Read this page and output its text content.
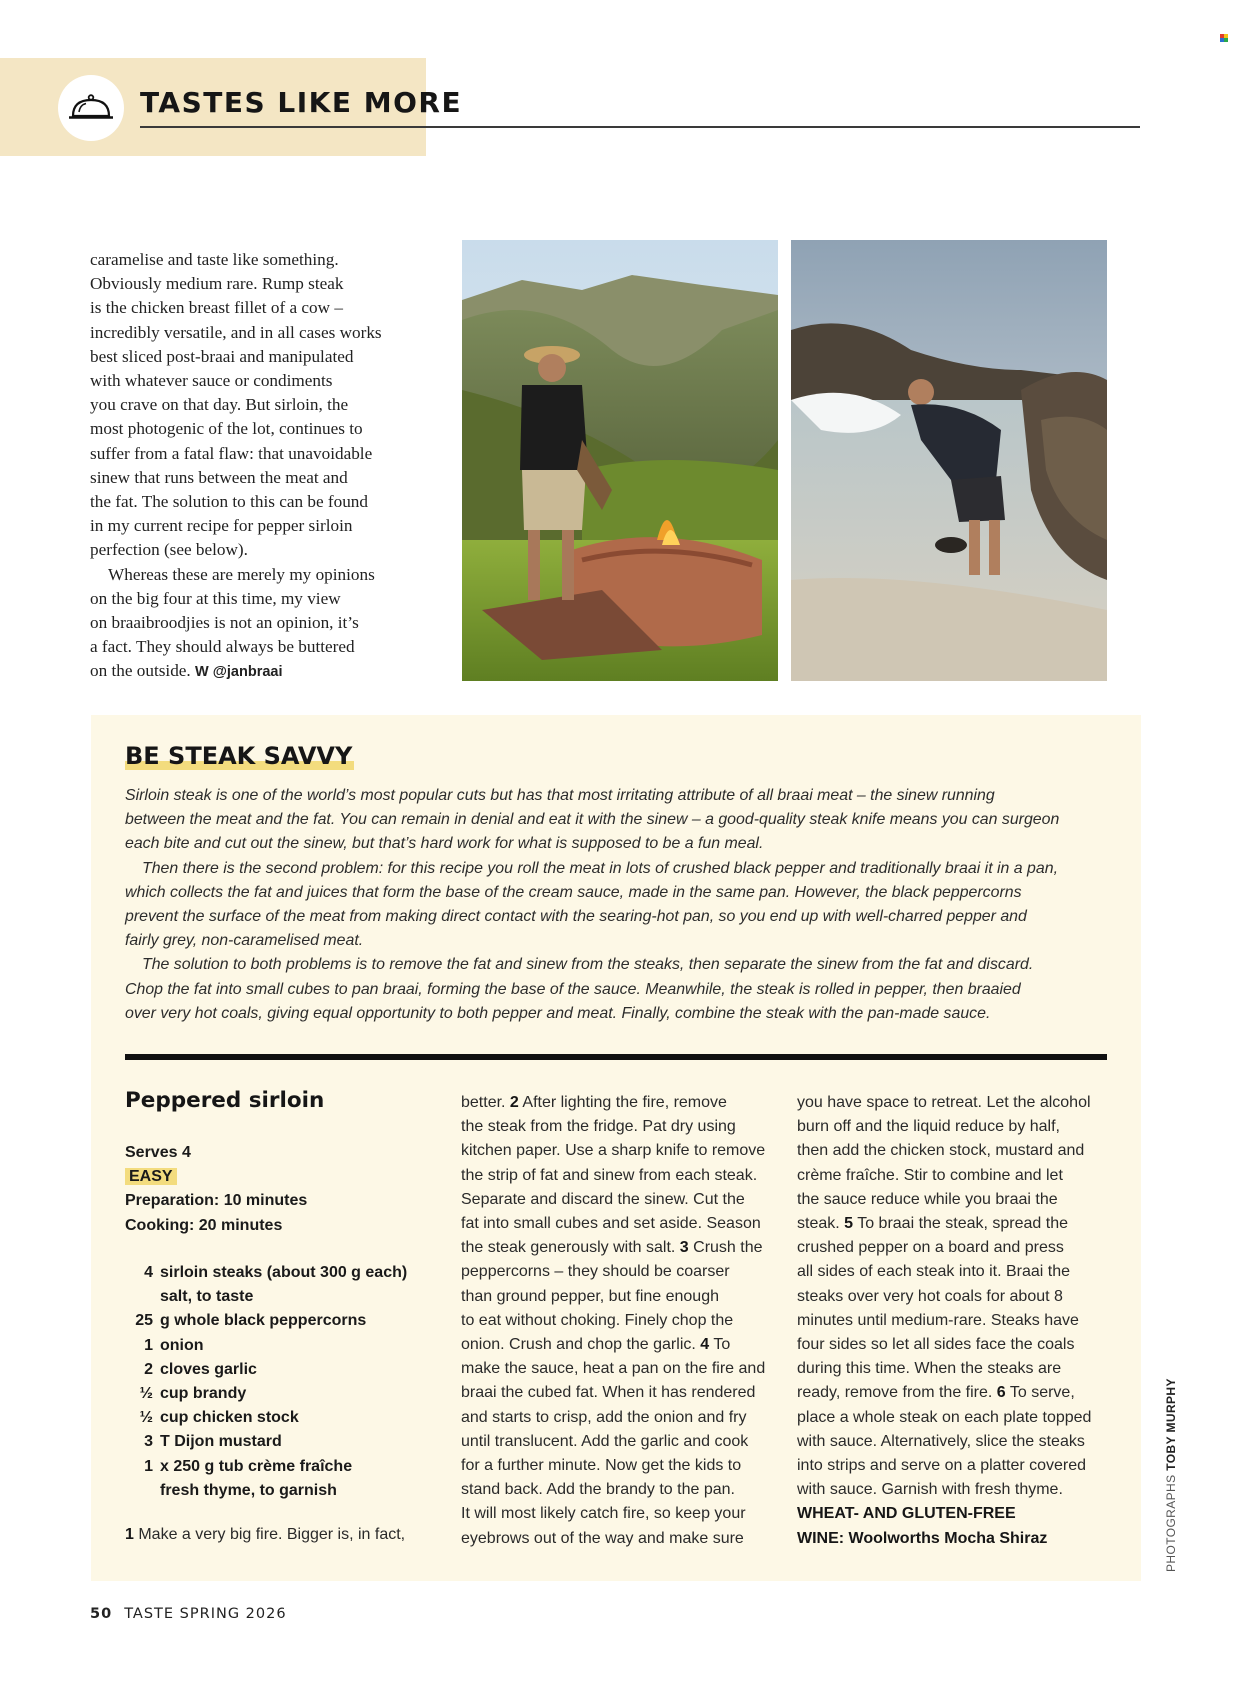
TASTES LIKE MORE

caramelise and taste like something.
Obviously medium rare. Rump steak
is the chicken breast fillet of a cow –
incredibly versatile, and in all cases works
best sliced post-braai and manipulated
with whatever sauce or condiments
you crave on that day. But sirloin, the
most photogenic of the lot, continues to
suffer from a fatal flaw: that unavoidable
sinew that runs between the meat and
the fat. The solution to this can be found
in my current recipe for pepper sirloin
perfection (see below).

Whereas these are merely my opinions
on the big four at this time, my view
on braaibroodjies is not an opinion, it’s
a fact. They should always be buttered

on the outside. W @janbraai

BE STEAK SAVVY

Sirloin steak is one of the world’s most popular cuts but has that most irritating attribute of all braai meat – the sinew running
between the meat and the fat. You can remain in denial and eat it with the sinew – a good-quality steak knife means you can surgeon
each bite and cut out the sinew, but that’s hard work for what is supposed to be a fun meal.

Then there is the second problem: for this recipe you roll the meat in lots of crushed black pepper and traditionally braai it in a pan,
which collects the fat and juices that form the base of the cream sauce, made in the same pan. However, the black peppercorns
prevent the surface of the meat from making direct contact with the searing-hot pan, so you end up with well-charred pepper and
fairly grey, non-caramelised meat.

The solution to both problems is to remove the fat and sinew from the steaks, then separate the sinew from the fat and discard.
Chop the fat into small cubes to pan braai, forming the base of the sauce. Meanwhile, the steak is rolled in pepper, then braaied
over very hot coals, giving equal opportunity to both pepper and meat. Finally, combine the steak with the pan-made sauce.

Peppered sirloin
Serves 4
EASY
Preparation: 10 minutes
Cooking: 20 minutes
4 sirloin steaks (about 300 g each)
salt, to taste
25 g whole black peppercorns
1 onion
2 cloves garlic
½ cup brandy
½ cup chicken stock
3 T Dijon mustard
1 x 250 g tub crème fraîche
fresh thyme, to garnish
1 Make a very big fire. Bigger is, in fact,
better. 2 After lighting the fire, remove
the steak from the fridge. Pat dry using
kitchen paper. Use a sharp knife to remove
the strip of fat and sinew from each steak.
Separate and discard the sinew. Cut the
fat into small cubes and set aside. Season
the steak generously with salt. 3 Crush the
peppercorns – they should be coarser
than ground pepper, but fine enough
to eat without choking. Finely chop the
onion. Crush and chop the garlic. 4 To
make the sauce, heat a pan on the fire and
braai the cubed fat. When it has rendered
and starts to crisp, add the onion and fry
until translucent. Add the garlic and cook
for a further minute. Now get the kids to
stand back. Add the brandy to the pan.
It will most likely catch fire, so keep your
eyebrows out of the way and make sure
you have space to retreat. Let the alcohol
burn off and the liquid reduce by half,
then add the chicken stock, mustard and
crème fraîche. Stir to combine and let
the sauce reduce while you braai the
steak. 5 To braai the steak, spread the
crushed pepper on a board and press
all sides of each steak into it. Braai the
steaks over very hot coals for about 8
minutes until medium-rare. Steaks have
four sides so let all sides face the coals
during this time. When the steaks are
ready, remove from the fire. 6 To serve,
place a whole steak on each plate topped
with sauce. Alternatively, slice the steaks
into strips and serve on a platter covered
with sauce. Garnish with fresh thyme.
WHEAT- AND GLUTEN-FREE
WINE: Woolworths Mocha Shiraz	PHOTOGRAPHS TOBY MURPHY
50 TASTE SPRING 2026
